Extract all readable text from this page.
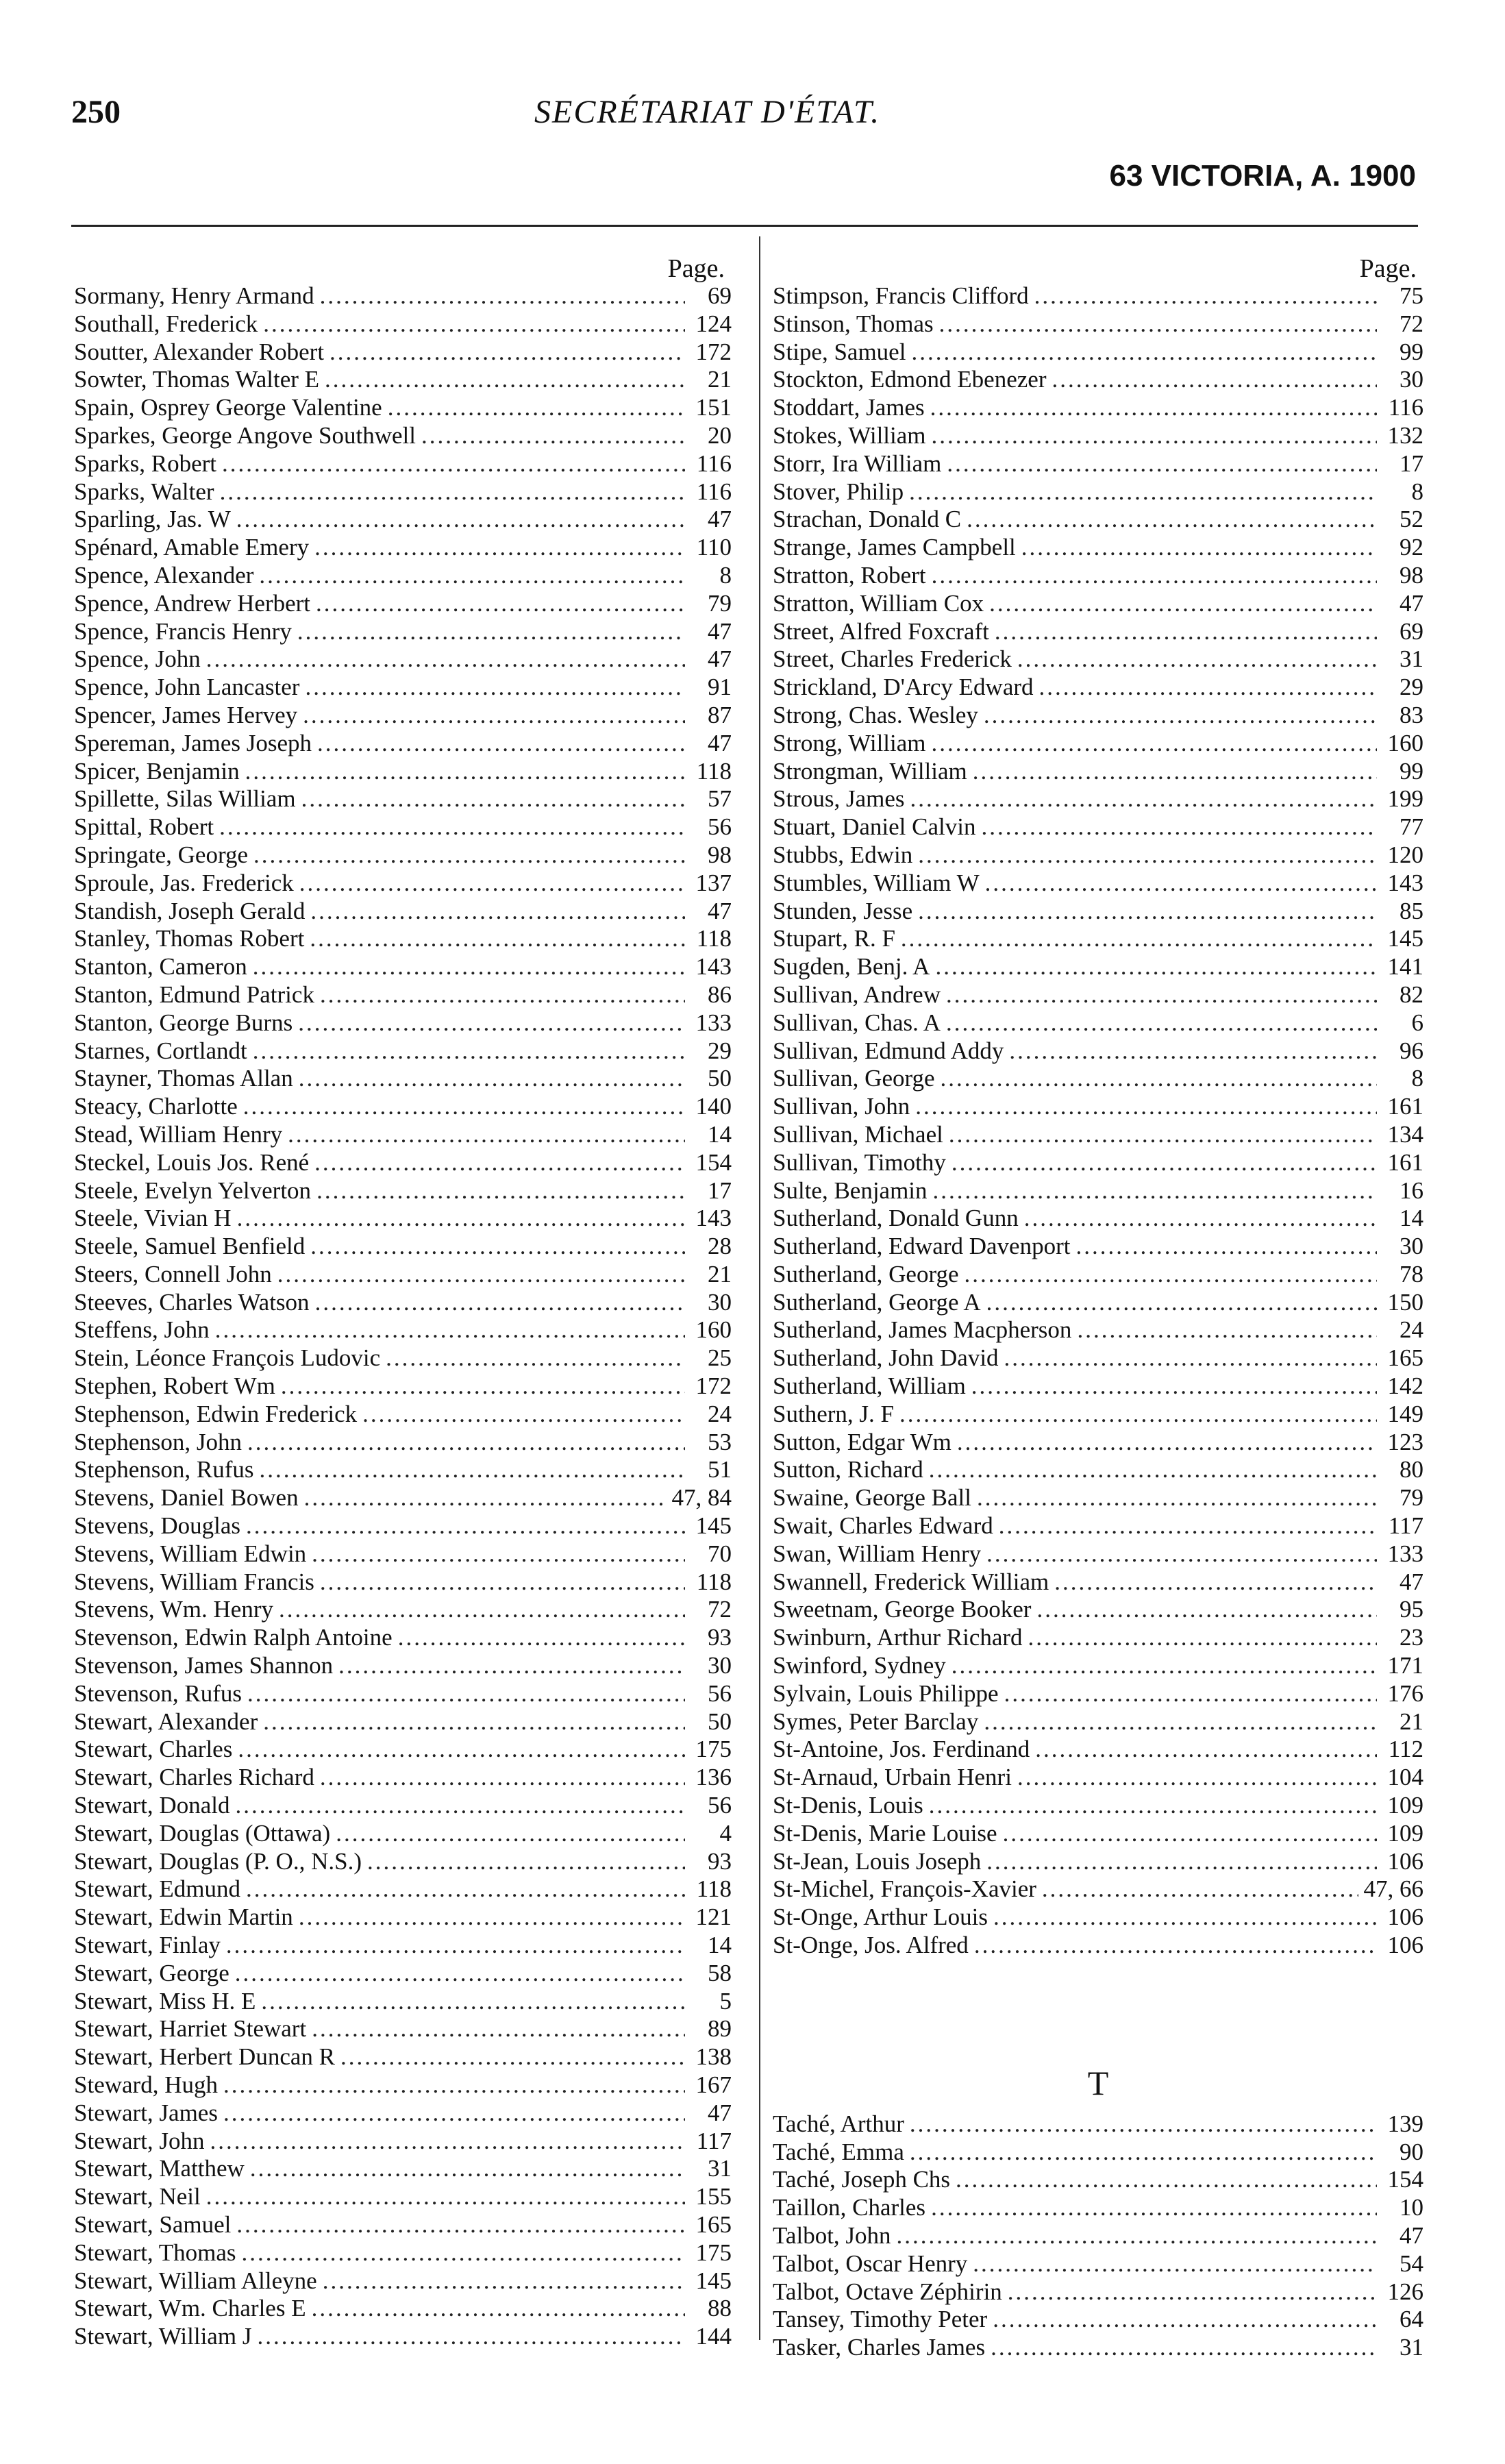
250	SECRÉTARIAT D'ÉTAT.
63 VICTORIA, A. 1900
Page.
Sormany, Henry Armand .....	69
Southall, Frederick .....	124
Soutter, Alexander Robert .....	172
Sowter, Thomas Walter E .....	21
Spain, Osprey George Valentine .....	151
Sparkes, George Angove Southwell .....	20
Sparks, Robert .....	116
Sparks, Walter .....	116
Sparling, Jas. W .....	47
Spénard, Amable Emery .....	110
Spence, Alexander .....	8
Spence, Andrew Herbert .....	79
Spence, Francis Henry .....	47
Spence, John .....	47
Spence, John Lancaster .....	91
Spencer, James Hervey .....	87
Spereman, James Joseph .....	47
Spicer, Benjamin .....	118
Spillette, Silas William .....	57
Spittal, Robert .....	56
Springate, George .....	98
Sproule, Jas. Frederick .....	137
Standish, Joseph Gerald .....	47
Stanley, Thomas Robert .....	118
Stanton, Cameron .....	143
Stanton, Edmund Patrick .....	86
Stanton, George Burns .....	133
Starnes, Cortlandt .....	29
Stayner, Thomas Allan .....	50
Steacy, Charlotte .....	140
Stead, William Henry .....	14
Steckel, Louis Jos. René .....	154
Steele, Evelyn Yelverton .....	17
Steele, Vivian H .....	143
Steele, Samuel Benfield .....	28
Steers, Connell John .....	21
Steeves, Charles Watson .....	30
Steffens, John .....	160
Stein, Léonce François Ludovic .....	25
Stephen, Robert Wm .....	172
Stephenson, Edwin Frederick .....	24
Stephenson, John .....	53
Stephenson, Rufus .....	51
Stevens, Daniel Bowen .....	47, 84
Stevens, Douglas .....	145
Stevens, William Edwin .....	70
Stevens, William Francis .....	118
Stevens, Wm. Henry .....	72
Stevenson, Edwin Ralph Antoine .....	93
Stevenson, James Shannon .....	30
Stevenson, Rufus .....	56
Stewart, Alexander .....	50
Stewart, Charles .....	175
Stewart, Charles Richard .....	136
Stewart, Donald .....	56
Stewart, Douglas (Ottawa) .....	4
Stewart, Douglas (P. O., N.S.) .....	93
Stewart, Edmund .....	118
Stewart, Edwin Martin .....	121
Stewart, Finlay .....	14
Stewart, George .....	58
Stewart, Miss H. E .....	5
Stewart, Harriet Stewart .....	89
Stewart, Herbert Duncan R .....	138
Steward, Hugh .....	167
Stewart, James .....	47
Stewart, John .....	117
Stewart, Matthew .....	31
Stewart, Neil .....	155
Stewart, Samuel .....	165
Stewart, Thomas .....	175
Stewart, William Alleyne .....	145
Stewart, Wm. Charles E .....	88
Stewart, William J .....	144
Page.
Stimpson, Francis Clifford .....	75
Stinson, Thomas .....	72
Stipe, Samuel .....	99
Stockton, Edmond Ebenezer .....	30
Stoddart, James .....	116
Stokes, William .....	132
Storr, Ira William .....	17
Stover, Philip .....	8
Strachan, Donald C .....	52
Strange, James Campbell .....	92
Stratton, Robert .....	98
Stratton, William Cox .....	47
Street, Alfred Foxcraft .....	69
Street, Charles Frederick .....	31
Strickland, D'Arcy Edward .....	29
Strong, Chas. Wesley .....	83
Strong, William .....	160
Strongman, William .....	99
Strous, James .....	199
Stuart, Daniel Calvin .....	77
Stubbs, Edwin .....	120
Stumbles, William W .....	143
Stunden, Jesse .....	85
Stupart, R. F .....	145
Sugden, Benj. A .....	141
Sullivan, Andrew .....	82
Sullivan, Chas. A .....	6
Sullivan, Edmund Addy .....	96
Sullivan, George .....	8
Sullivan, John .....	161
Sullivan, Michael .....	134
Sullivan, Timothy .....	161
Sulte, Benjamin .....	16
Sutherland, Donald Gunn .....	14
Sutherland, Edward Davenport .....	30
Sutherland, George .....	78
Sutherland, George A .....	150
Sutherland, James Macpherson .....	24
Sutherland, John David .....	165
Sutherland, William .....	142
Suthern, J. F .....	149
Sutton, Edgar Wm .....	123
Sutton, Richard .....	80
Swaine, George Ball .....	79
Swait, Charles Edward .....	117
Swan, William Henry .....	133
Swannell, Frederick William .....	47
Sweetnam, George Booker .....	95
Swinburn, Arthur Richard .....	23
Swinford, Sydney .....	171
Sylvain, Louis Philippe .....	176
Symes, Peter Barclay .....	21
St-Antoine, Jos. Ferdinand .....	112
St-Arnaud, Urbain Henri .....	104
St-Denis, Louis .....	109
St-Denis, Marie Louise .....	109
St-Jean, Louis Joseph .....	106
St-Michel, François-Xavier .....	47, 66
St-Onge, Arthur Louis .....	106
St-Onge, Jos. Alfred .....	106
T
Taché, Arthur .....	139
Taché, Emma .....	90
Taché, Joseph Chs .....	154
Taillon, Charles .....	10
Talbot, John .....	47
Talbot, Oscar Henry .....	54
Talbot, Octave Zéphirin .....	126
Tansey, Timothy Peter .....	64
Tasker, Charles James .....	31
